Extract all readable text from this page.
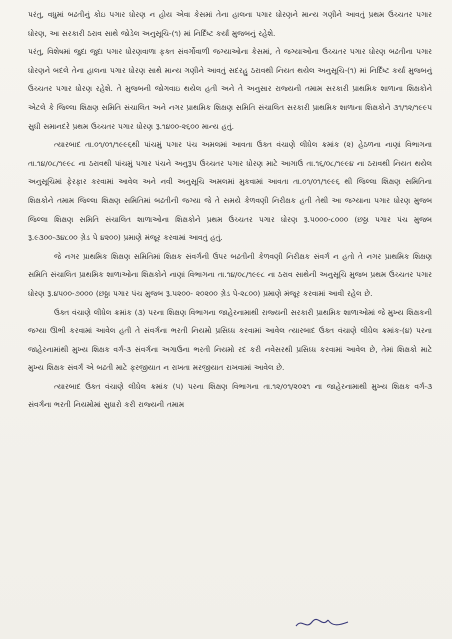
પરંતુ, વધુમાં બઢતીનું કોઇ પગાર ધોરણ ન હોય એવા કેસમાં તેના હાલના પગાર ધોરણને માન્ય ગણીને આવતું પ્રથમ ઉચ્ચતર પગાર ધોરણ, આ સરકારી ઠરાવ સાથે જોડેલ અનુસૂચિ-(૧) માં નિર્દિષ્ટ કર્યા મુજબનું રહેશે.

પરંતુ, વિશેષમાં જુદા જુદા પગાર ધોરણવાળા ફક્ત સંવર્ગોવાળી જગ્યાઓના કેસમાં, તે જગ્યાઓના ઉચ્ચતર પગાર ધોરણ બઢતીના પગાર ધોરણને બદલે તેના હાલના પગાર ધોરણ સાથે માન્ય ગણીને આવતું સદરહુ ઠરાવથી નિયત થયેલ અનુસૂચિ-(૧) માં નિર્દિષ્ટ કર્યા મુજબનું ઉચ્ચતર પગાર ધોરણ રહેશે. તે મુજબની જોગવાઇ થયેલ હતી અને તે અનુસાર રાજ્યની તમામ સરકારી પ્રાથમિક શાળાના શિક્ષકોને એટલે કે જિલ્લા શિક્ષણ સમિતિ સંચાલિત અને નગર પ્રાથમિક શિક્ષણ સમિતિ સંચાલિત સરકારી પ્રાથમિક શાળાના શિક્ષકોને ૩૧/૧૨/૧૯૯૫ સુધી સમાનદરે પ્રથમ ઉચ્ચતર પગાર ધોરણ રૂ.૧૪૦૦-૨૬૦૦ માન્ય હતું.

ત્યારબાદ તા.૦૧/૦૧/૧૯૯૬થી પાંચમું પગાર પંચ અમલમાં આવતા ઉક્ત વંચાણે લીધેલ ક્રમાંક (૨) હેઠળના નાણાં વિભાગના તા.૧૪/૦૮/૧૯૯૮ ના ઠરાવથી પાંચમું પગાર પંચને અનુરૂપ ઉચ્ચતર પગાર ધોરણ માટે આગાઉ તા.૧૬/૦૮/૧૯૯૪ ના ઠરાવથી નિયત થયેલ અનુસૂચિમાં ફેરફાર કરવામાં આવેલ અને નવી અનુસૂચિ અમલમાં મુકવામાં આવતા તા.૦૧/૦૧/૧૯૯૬ થી જિલ્લા શિક્ષણ સમિતિના શિક્ષકોને તમામ જિલ્લા શિક્ષણ સમિતિમાં બઢતીની જગ્યા જે તે સમયે કેળવણી નિરીક્ષક હતી તેથી આ જગ્યાના પગાર ધોરણ મુજબ જિલ્લા શિક્ષણ સમિતિ સંચાલિત શાળાઓના શિક્ષકોને પ્રથમ ઉચ્ચતર પગાર ધોરણ રૂ.૫૦૦૦-૮૦૦૦ (છઠ્ઠા પગાર પંચ મુજબ રૂ.૯૩૦૦-૩૪૮૦૦ ગ્રેડ પે ૪૨૦૦) પ્રમાણે મંજૂર કરવામાં આવતું હતું.

જે નગર પ્રાથમિક શિક્ષણ સમિતિમાં શિક્ષક સંવર્ગની ઉપર બઢતીની કેળવણી નિરીક્ષક સંવર્ગ ન હતો તે નગર પ્રાથમિક શિક્ષણ સમિતિ સંચાલિત પ્રાથમિક શાળાઓના શિક્ષકોને નાણાં વિભાગના તા.૧૪/૦૮/૧૯૯૮ ના ઠરાવ સાથેની અનુસૂચિ મુજબ પ્રથમ ઉચ્ચતર પગાર ધોરણ રૂ.૪૫૦૦-૭૦૦૦ (છઠ્ઠા પગાર પંચ મુજબ રૂ.૫૨૦૦- ૨૦૨૦૦ ગ્રેડ પે-૨૮૦૦) પ્રમાણે મંજૂર કરવામાં આવી રહેલ છે.

ઉક્ત વંચાણે લીધેલ ક્રમાંક (૩) પરના શિક્ષણ વિભાગના જાહેરનામાથી રાજ્યની સરકારી પ્રાથમિક શાળાઓમાં જે મુખ્ય શિક્ષકની જગ્યા ઊભી કરવામાં આવેલ હતી તે સંવર્ગના ભરતી નિયમો પ્રસિધ્ધ કરવામાં આવેલ ત્યારબાદ ઉક્ત વંચાણે લીધેલ ક્રમાંક-(૪) પરના જાહેરનામાંથી મુખ્ય શિક્ષક વર્ગ-૩ સંવર્ગના અગાઉના ભરતી નિયમો રદ કરી નવેસરથી પ્રસિધ્ધ કરવામાં આવેલ છે, તેમાં શિક્ષકો માટે મુખ્ય શિક્ષક સંવર્ગ એ બઢતી માટે ફરજીયાત ન રાખતા મરજીયાત રાખવામાં આવેલ છે.

ત્યારબાદ ઉક્ત વંચાણે લીધેલ ક્રમાંક (૫) પરના શિક્ષણ વિભાગના તા.૧૨/૦૧/૨૦૨૧ ના જાહેરનામાથી મુખ્ય શિક્ષક વર્ગ-૩ સંવર્ગના ભરતી નિયમોમાં સુધારો કરી રાજ્યની તમામ
